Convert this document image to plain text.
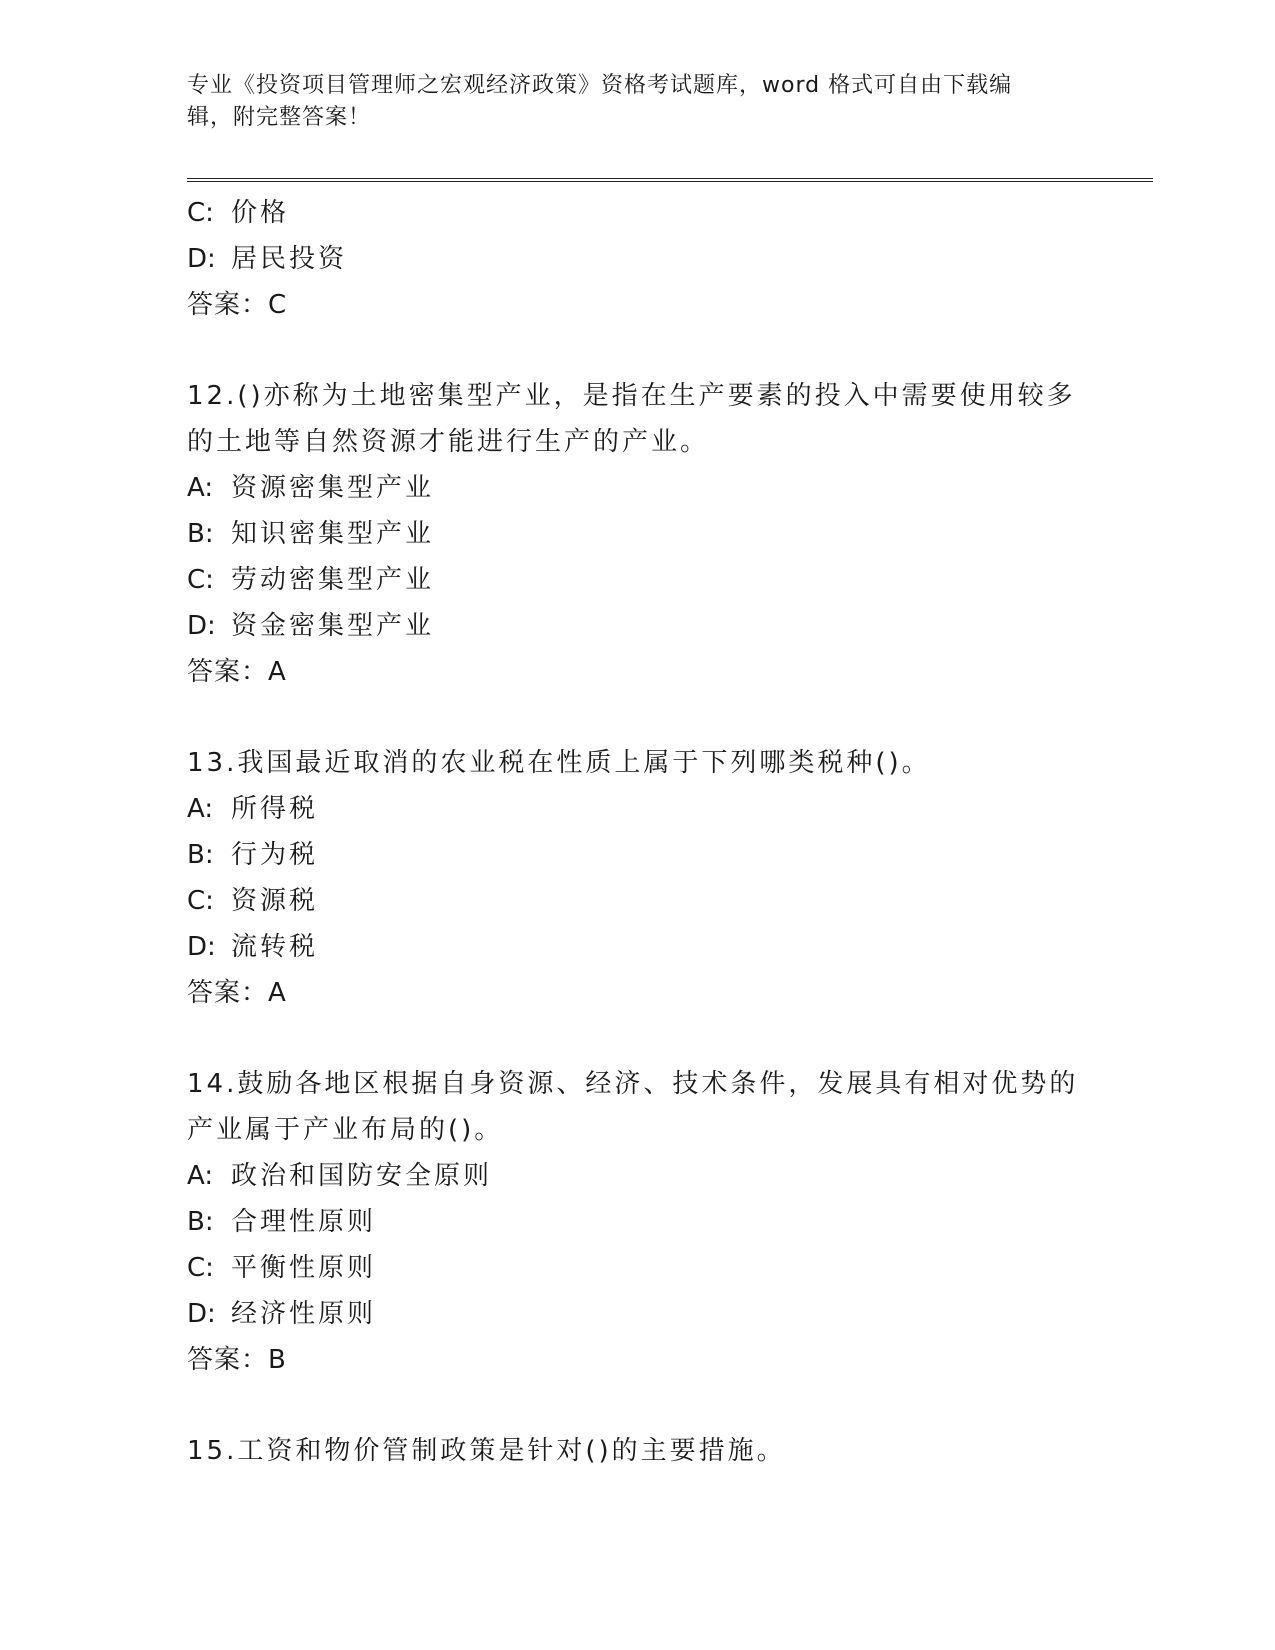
专业《投资项目管理师之宏观经济政策》资格考试题库，word 格式可自由下载编
辑，附完整答案！
C: 价格
D: 居民投资
答案：C
12.()亦称为土地密集型产业，是指在生产要素的投入中需要使用较多
的土地等自然资源才能进行生产的产业。
A: 资源密集型产业
B: 知识密集型产业
C: 劳动密集型产业
D: 资金密集型产业
答案：A
13.我国最近取消的农业税在性质上属于下列哪类税种()。
A: 所得税
B: 行为税
C: 资源税
D: 流转税
答案：A
14.鼓励各地区根据自身资源、经济、技术条件，发展具有相对优势的
产业属于产业布局的()。
A: 政治和国防安全原则
B: 合理性原则
C: 平衡性原则
D: 经济性原则
答案：B
15.工资和物价管制政策是针对()的主要措施。
